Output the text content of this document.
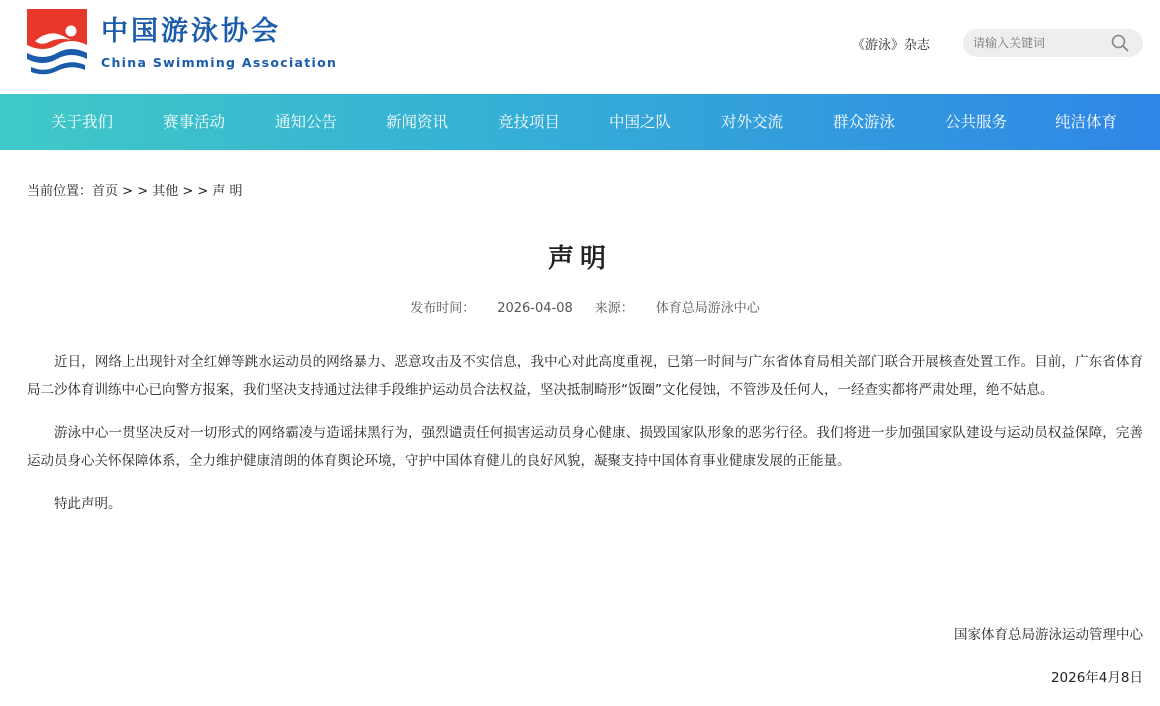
中国游泳协会
China Swimming Association
《游泳》杂志
请输入关键词
关于我们	赛事活动	通知公告	新闻资讯	竞技项目	中国之队	对外交流	群众游泳	公共服务	纯洁体育
当前位置：首页 > > 其他 > > 声 明
声明
发布时间： 2026-04-08 来源： 体育总局游泳中心

近日，网络上出现针对全红婵等跳水运动员的网络暴力、恶意攻击及不实信息，我中心对此高度重视，已第一时间与广东省体育局相关部门联合开展核查处置工作。目前，广东省体育局二沙体育训练中心已向警方报案，我们坚决支持通过法律手段维护运动员合法权益，坚决抵制畸形“饭圈”文化侵蚀，不管涉及任何人，一经查实都将严肃处理，绝不姑息。

游泳中心一贯坚决反对一切形式的网络霸凌与造谣抹黑行为，强烈谴责任何损害运动员身心健康、损毁国家队形象的恶劣行径。我们将进一步加强国家队建设与运动员权益保障，完善运动员身心关怀保障体系，全力维护健康清朗的体育舆论环境，守护中国体育健儿的良好风貌，凝聚支持中国体育事业健康发展的正能量。

特此声明。

国家体育总局游泳运动管理中心
2026年4月8日
